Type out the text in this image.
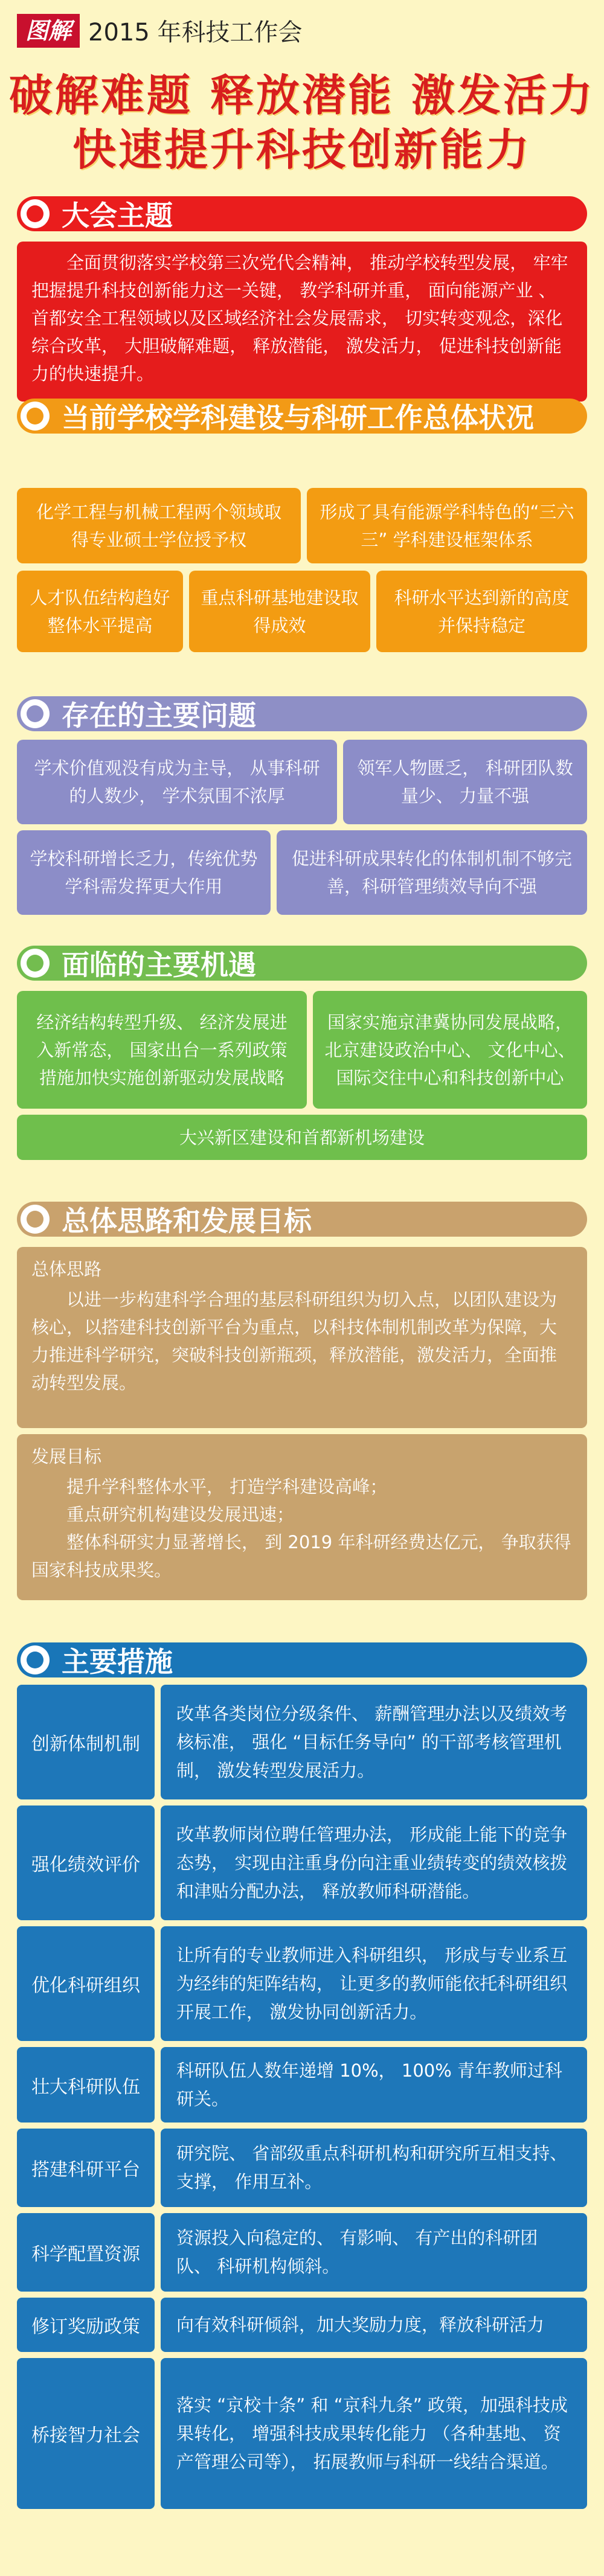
图解 2015 年科技工作会
破解难题 释放潜能 激发活力
快速提升科技创新能力
大会主题
全面贯彻落实学校第三次党代会精神， 推动学校转型发展， 牢牢把握提升科技创新能力这一关键， 教学科研并重， 面向能源产业 、 首都安全工程领域以及区域经济社会发展需求， 切实转变观念，深化综合改革， 大胆破解难题， 释放潜能， 激发活力， 促进科技创新能力的快速提升。
当前学校学科建设与科研工作总体状况
化学工程与机械工程两个领域取得专业硕士学位授予权
形成了具有能源学科特色的“三六三” 学科建设框架体系
人才队伍结构趋好整体水平提高
重点科研基地建设取得成效
科研水平达到新的高度并保持稳定
存在的主要问题
学术价值观没有成为主导， 从事科研的人数少， 学术氛围不浓厚
领军人物匮乏， 科研团队数量少、 力量不强
学校科研增长乏力，传统优势学科需发挥更大作用
促进科研成果转化的体制机制不够完善，科研管理绩效导向不强
面临的主要机遇
经济结构转型升级、 经济发展进入新常态， 国家出台一系列政策措施加快实施创新驱动发展战略
国家实施京津冀协同发展战略，北京建设政治中心、 文化中心、 国际交往中心和科技创新中心
大兴新区建设和首都新机场建设
总体思路和发展目标
总体思路
以进一步构建科学合理的基层科研组织为切入点，以团队建设为核心，以搭建科技创新平台为重点，以科技体制机制改革为保障，大力推进科学研究，突破科技创新瓶颈，释放潜能，激发活力，全面推动转型发展。
发展目标
提升学科整体水平， 打造学科建设高峰；
重点研究机构建设发展迅速；
整体科研实力显著增长， 到 2019 年科研经费达亿元， 争取获得国家科技成果奖。
主要措施
创新体制机制
改革各类岗位分级条件、 薪酬管理办法以及绩效考核标准， 强化 “目标任务导向” 的干部考核管理机制， 激发转型发展活力。
强化绩效评价
改革教师岗位聘任管理办法， 形成能上能下的竞争态势， 实现由注重身份向注重业绩转变的绩效核拨和津贴分配办法， 释放教师科研潜能。
优化科研组织
让所有的专业教师进入科研组织， 形成与专业系互为经纬的矩阵结构， 让更多的教师能依托科研组织开展工作， 激发协同创新活力。
壮大科研队伍
科研队伍人数年递增 10%， 100% 青年教师过科研关。
搭建科研平台
研究院、 省部级重点科研机构和研究所互相支持、 支撑， 作用互补。
科学配置资源
资源投入向稳定的、 有影响、 有产出的科研团队、 科研机构倾斜。
修订奖励政策	向有效科研倾斜，加大奖励力度，释放科研活力
桥接智力社会
落实 “京校十条” 和 “京科九条” 政策，加强科技成果转化， 增强科技成果转化能力 （各种基地、 资产管理公司等）， 拓展教师与科研一线结合渠道。
